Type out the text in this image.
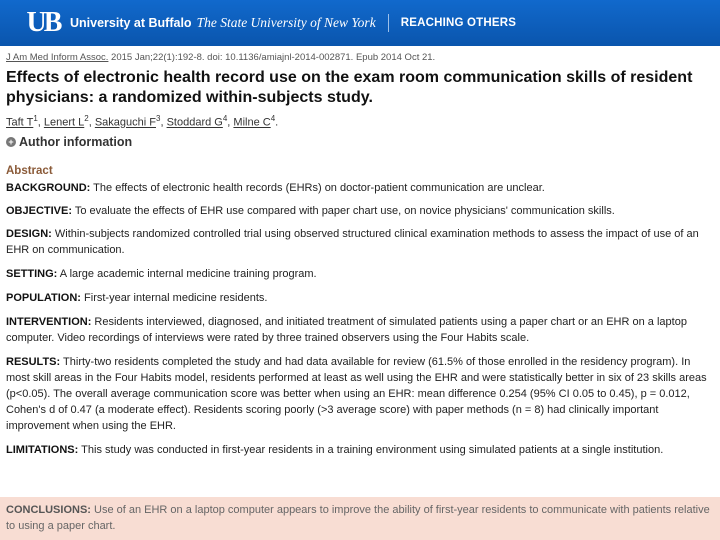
UB University at Buffalo The State University of New York REACHING OTHERS
J Am Med Inform Assoc. 2015 Jan;22(1):192-8. doi: 10.1136/amiajnl-2014-002871. Epub 2014 Oct 21.
Effects of electronic health record use on the exam room communication skills of resident physicians: a randomized within-subjects study.
Taft $T^1$, Lenert $L^2$, Sakaguchi $F^3$, Stoddard $G^4$, Milne $C^4$.
+ Author information
Abstract
BACKGROUND: The effects of electronic health records (EHRs) on doctor-patient communication are unclear.
OBJECTIVE: To evaluate the effects of EHR use compared with paper chart use, on novice physicians' communication skills.
DESIGN: Within-subjects randomized controlled trial using observed structured clinical examination methods to assess the impact of use of an EHR on communication.
SETTING: A large academic internal medicine training program.
POPULATION: First-year internal medicine residents.
INTERVENTION: Residents interviewed, diagnosed, and initiated treatment of simulated patients using a paper chart or an EHR on a laptop computer. Video recordings of interviews were rated by three trained observers using the Four Habits scale.
RESULTS: Thirty-two residents completed the study and had data available for review (61.5% of those enrolled in the residency program). In most skill areas in the Four Habits model, residents performed at least as well using the EHR and were statistically better in six of 23 skills areas (p<0.05). The overall average communication score was better when using an EHR: mean difference 0.254 (95% CI 0.05 to 0.45), p = 0.012, Cohen's d of 0.47 (a moderate effect). Residents scoring poorly (>3 average score) with paper methods (n = 8) had clinically important improvement when using the EHR.
LIMITATIONS: This study was conducted in first-year residents in a training environment using simulated patients at a single institution.
CONCLUSIONS: Use of an EHR on a laptop computer appears to improve the ability of first-year residents to communicate with patients relative to using a paper chart.
